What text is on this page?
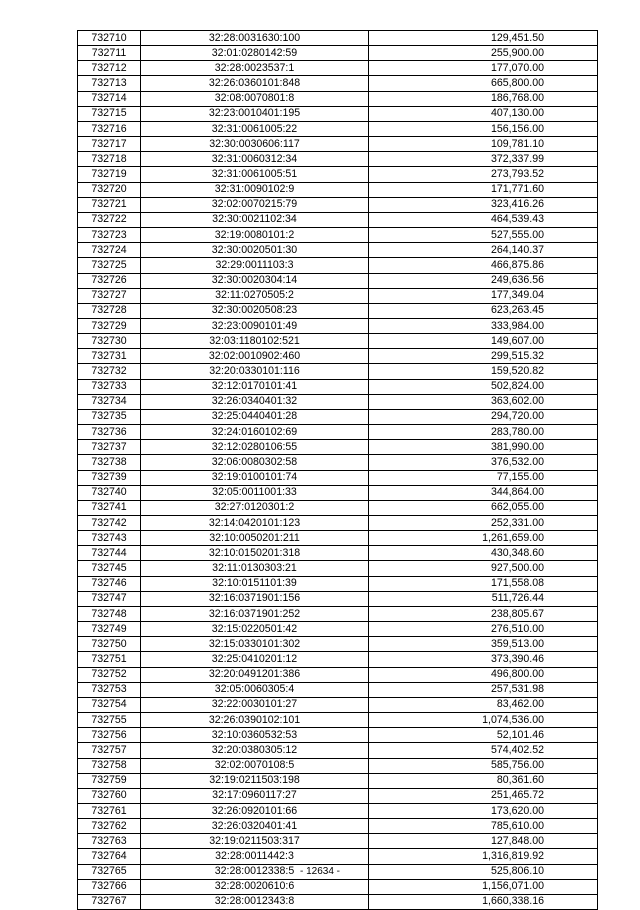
732710	32:28:0031630:100	129,451.50
732711	32:01:0280142:59	255,900.00
732712	32:28:0023537:1	177,070.00
732713	32:26:0360101:848	665,800.00
732714	32:08:0070801:8	186,768.00
732715	32:23:0010401:195	407,130.00
732716	32:31:0061005:22	156,156.00
732717	32:30:0030606:117	109,781.10
732718	32:31:0060312:34	372,337.99
732719	32:31:0061005:51	273,793.52
732720	32:31:0090102:9	171,771.60
732721	32:02:0070215:79	323,416.26
732722	32:30:0021102:34	464,539.43
732723	32:19:0080101:2	527,555.00
732724	32:30:0020501:30	264,140.37
732725	32:29:0011103:3	466,875.86
732726	32:30:0020304:14	249,636.56
732727	32:11:0270505:2	177,349.04
732728	32:30:0020508:23	623,263.45
732729	32:23:0090101:49	333,984.00
732730	32:03:1180102:521	149,607.00
732731	32:02:0010902:460	299,515.32
732732	32:20:0330101:116	159,520.82
732733	32:12:0170101:41	502,824.00
732734	32:26:0340401:32	363,602.00
732735	32:25:0440401:28	294,720.00
732736	32:24:0160102:69	283,780.00
732737	32:12:0280106:55	381,990.00
732738	32:06:0080302:58	376,532.00
732739	32:19:0100101:74	77,155.00
732740	32:05:0011001:33	344,864.00
732741	32:27:0120301:2	662,055.00
732742	32:14:0420101:123	252,331.00
732743	32:10:0050201:211	1,261,659.00
732744	32:10:0150201:318	430,348.60
732745	32:11:0130303:21	927,500.00
732746	32:10:0151101:39	171,558.08
732747	32:16:0371901:156	511,726.44
732748	32:16:0371901:252	238,805.67
732749	32:15:0220501:42	276,510.00
732750	32:15:0330101:302	359,513.00
732751	32:25:0410201:12	373,390.46
732752	32:20:0491201:386	496,800.00
732753	32:05:0060305:4	257,531.98
732754	32:22:0030101:27	83,462.00
732755	32:26:0390102:101	1,074,536.00
732756	32:10:0360532:53	52,101.46
732757	32:20:0380305:12	574,402.52
732758	32:02:0070108:5	585,756.00
732759	32:19:0211503:198	80,361.60
732760	32:17:0960117:27	251,465.72
732761	32:26:0920101:66	173,620.00
732762	32:26:0320401:41	785,610.00
732763	32:19:0211503:317	127,848.00
732764	32:28:0011442:3	1,316,819.92
732765	32:28:0012338:5	525,806.10
732766	32:28:0020610:6	1,156,071.00
732767	32:28:0012343:8	1,660,338.16
- 12634 -
